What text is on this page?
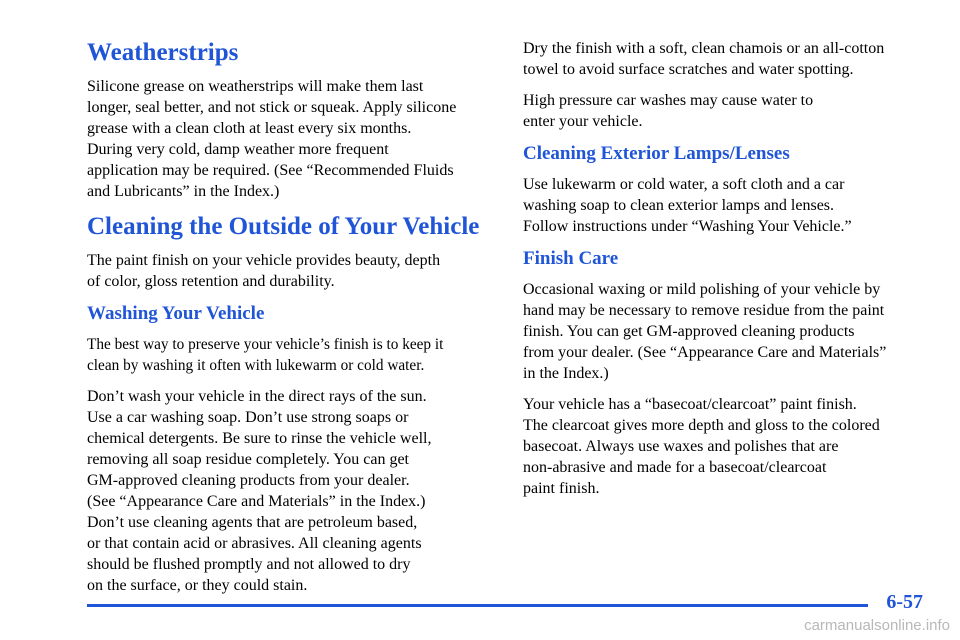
Weatherstrips

Silicone grease on weatherstrips will make them last
longer, seal better, and not stick or squeak. Apply silicone
grease with a clean cloth at least every six months.
During very cold, damp weather more frequent
application may be required. (See “Recommended Fluids
and Lubricants” in the Index.)

Cleaning the Outside of Your Vehicle

The paint finish on your vehicle provides beauty, depth
of color, gloss retention and durability.

Washing Your Vehicle

The best way to preserve your vehicle’s finish is to keep it
clean by washing it often with lukewarm or cold water.

Don’t wash your vehicle in the direct rays of the sun.
Use a car washing soap. Don’t use strong soaps or
chemical detergents. Be sure to rinse the vehicle well,
removing all soap residue completely. You can get
GM‐approved cleaning products from your dealer.
(See “Appearance Care and Materials” in the Index.)
Don’t use cleaning agents that are petroleum based,
or that contain acid or abrasives. All cleaning agents
should be flushed promptly and not allowed to dry
on the surface, or they could stain.

Dry the finish with a soft, clean chamois or an all‐cotton
towel to avoid surface scratches and water spotting.

High pressure car washes may cause water to
enter your vehicle.

Cleaning Exterior Lamps/Lenses

Use lukewarm or cold water, a soft cloth and a car
washing soap to clean exterior lamps and lenses.
Follow instructions under “Washing Your Vehicle.”

Finish Care

Occasional waxing or mild polishing of your vehicle by
hand may be necessary to remove residue from the paint
finish. You can get GM‐approved cleaning products
from your dealer. (See “Appearance Care and Materials”
in the Index.)

Your vehicle has a “basecoat/clearcoat” paint finish.
The clearcoat gives more depth and gloss to the colored
basecoat. Always use waxes and polishes that are
non‐abrasive and made for a basecoat/clearcoat
paint finish.

6-57
carmanualsonline.info
